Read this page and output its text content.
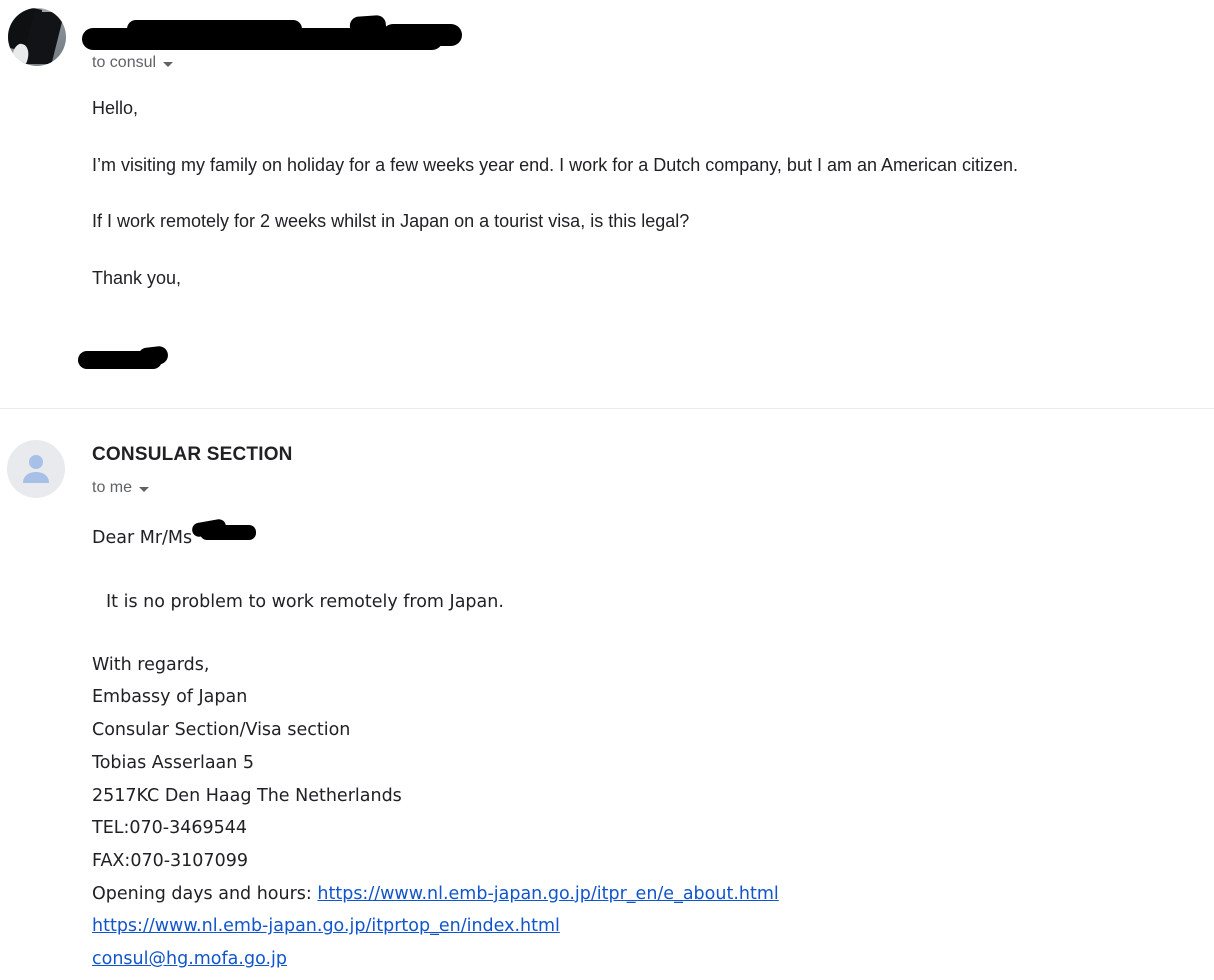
to consul

Hello,

I’m visiting my family on holiday for a few weeks year end. I work for a Dutch company, but I am an American citizen.

If I work remotely for 2 weeks whilst in Japan on a tourist visa, is this legal?

Thank you,

CONSULAR SECTION
to me
Dear Mr/Ms
It is no problem to work remotely from Japan.
With regards,
Embassy of Japan
Consular Section/Visa section
Tobias Asserlaan 5
2517KC Den Haag The Netherlands
TEL:070-3469544
FAX:070-3107099
Opening days and hours: https://www.nl.emb-japan.go.jp/itpr_en/e_about.html
https://www.nl.emb-japan.go.jp/itprtop_en/index.html
consul@hg.mofa.go.jp
